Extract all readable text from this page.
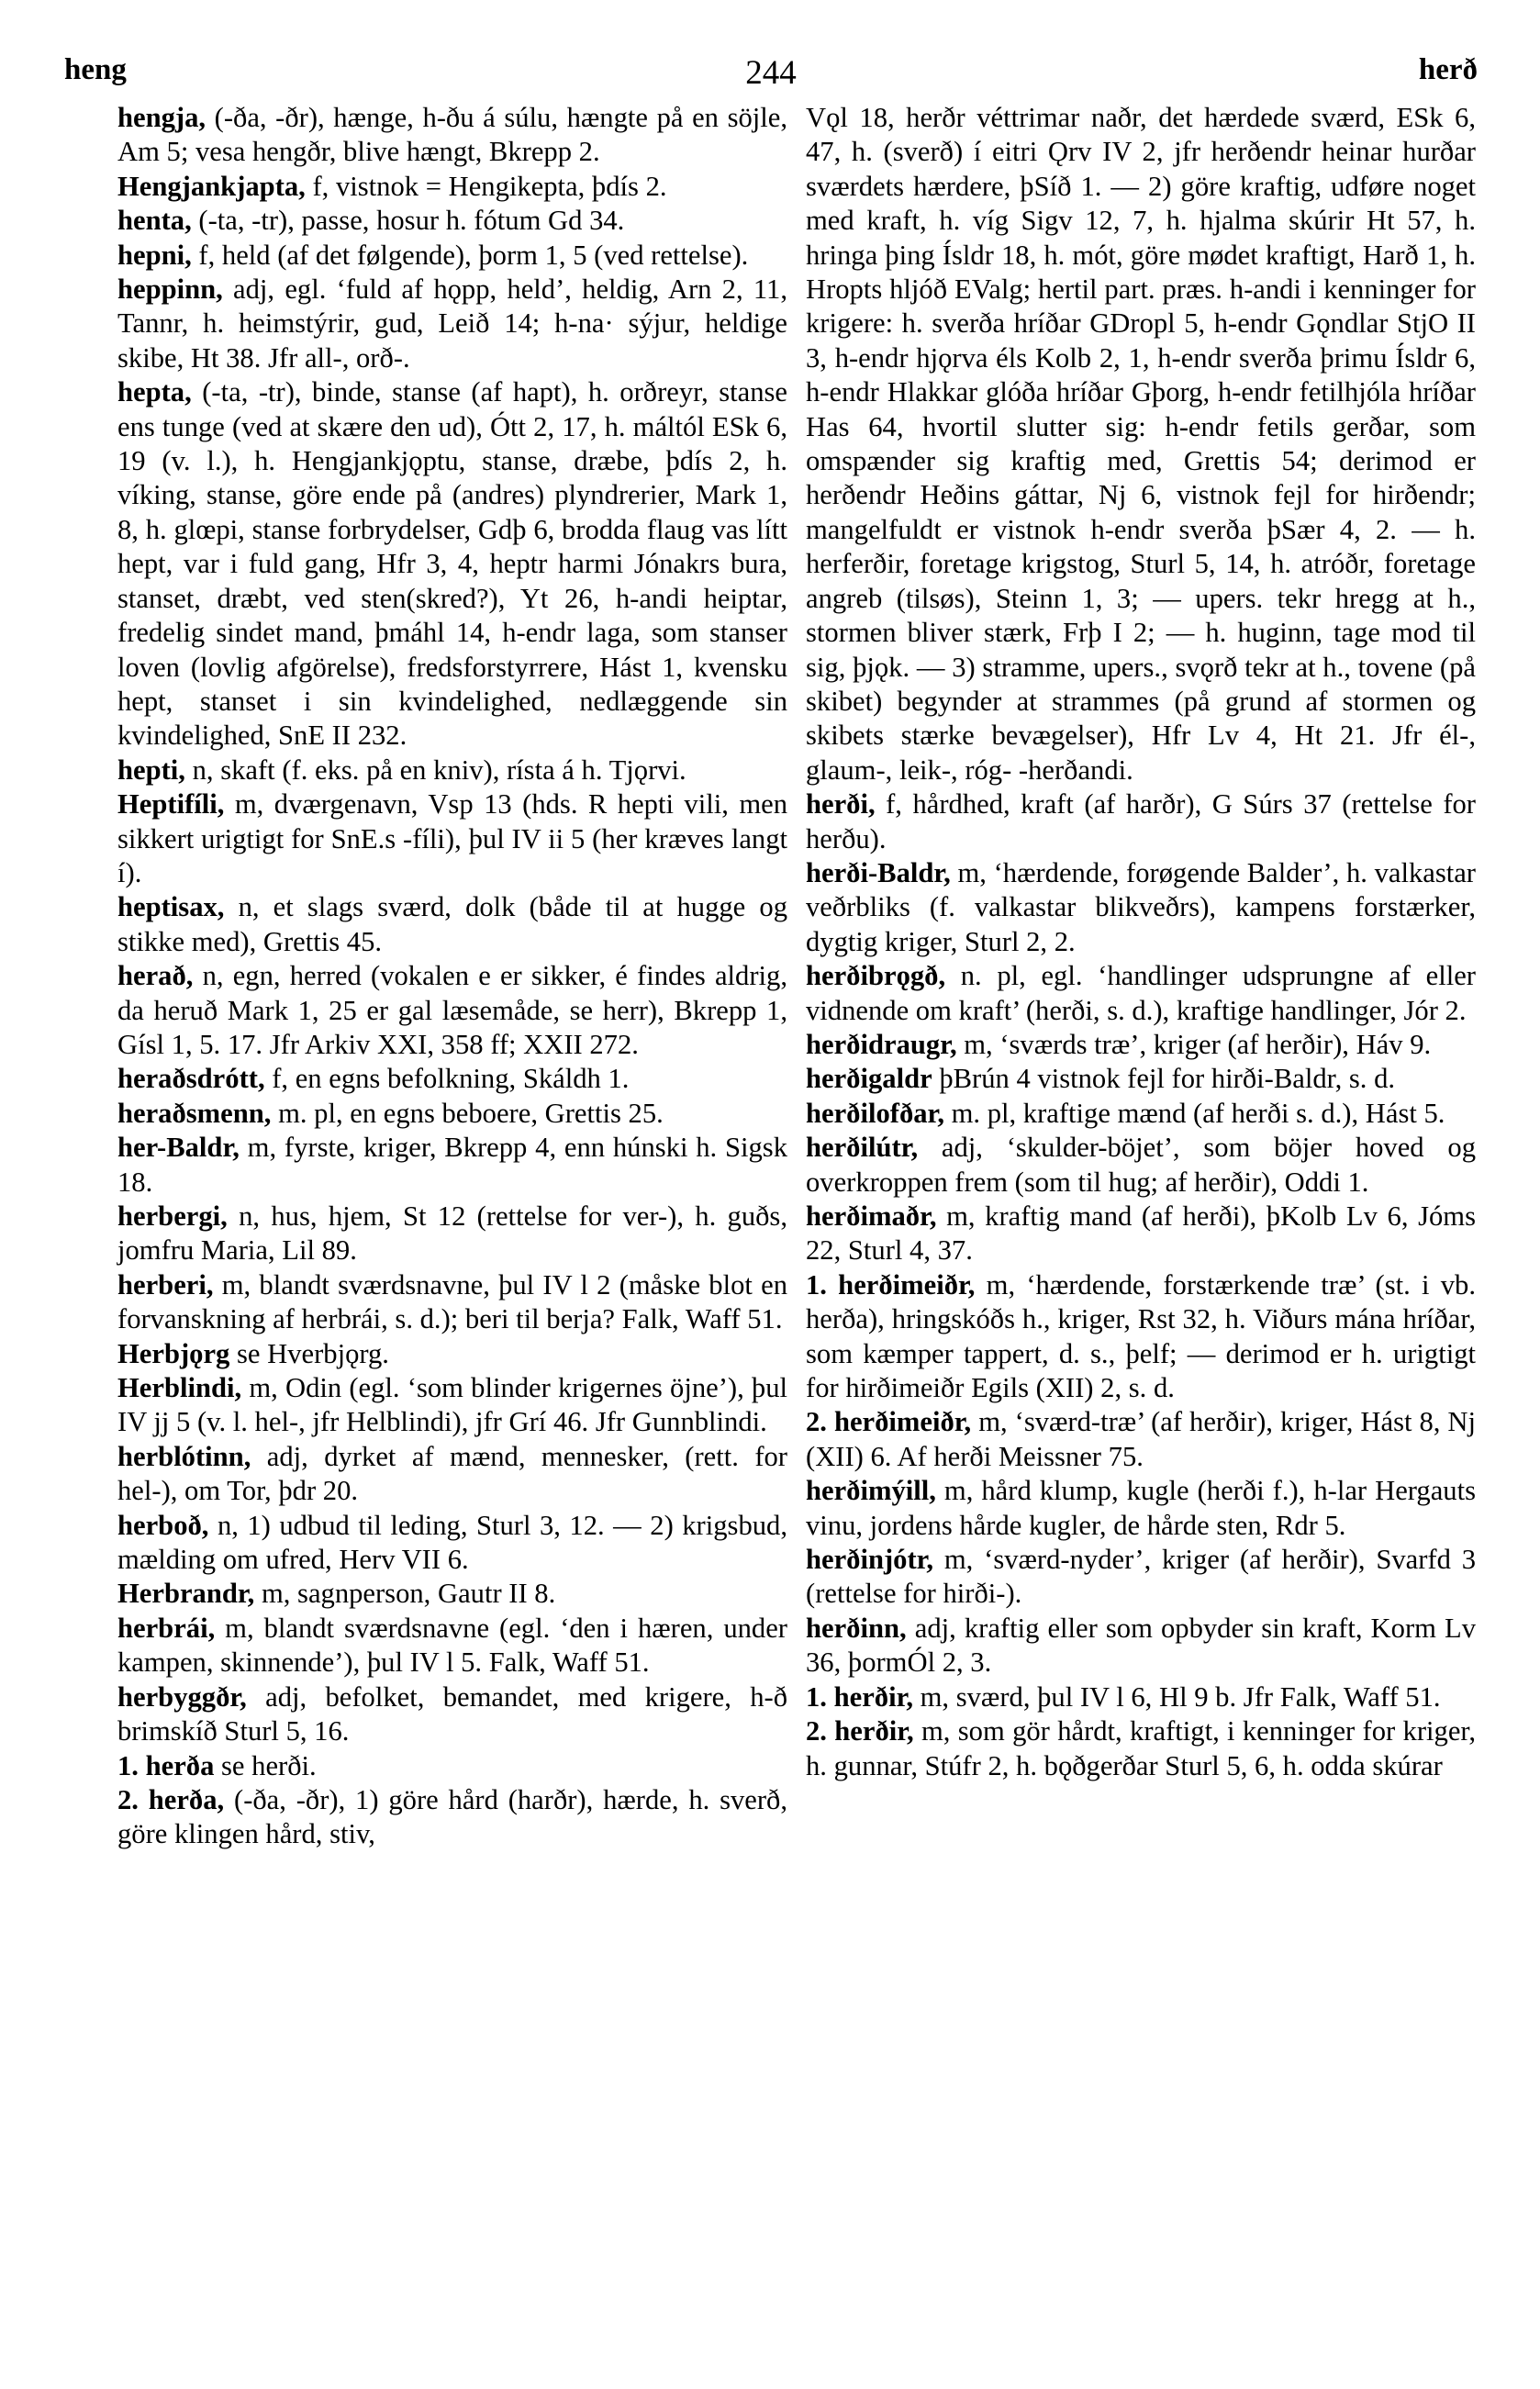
heng	244	herð

hengja, (-ða, -ðr), hænge, h-ðu á súlu, hængte på en söjle, Am 5; vesa hengðr, blive hængt, Bkrepp 2.

Hengjankjapta, f, vistnok = Hengikepta, þdís 2.

henta, (-ta, -tr), passe, hosur h. fótum Gd 34.

hepni, f, held (af det følgende), þorm 1, 5 (ved rettelse).

heppinn, adj, egl. ‘fuld af hǫpp, held’, heldig, Arn 2, 11, Tannr, h. heimstýrir, gud, Leið 14; h-na· sýjur, heldige skibe, Ht 38. Jfr all-, orð-.

hepta, (-ta, -tr), binde, stanse (af hapt), h. orðreyr, stanse ens tunge (ved at skære den ud), Ótt 2, 17, h. máltól ESk 6, 19 (v. l.), h. Hengjankjǫptu, stanse, dræbe, þdís 2, h. víking, stanse, göre ende på (andres) plyndrerier, Mark 1, 8, h. glœpi, stanse forbrydelser, Gdþ 6, brodda flaug vas lítt hept, var i fuld gang, Hfr 3, 4, heptr harmi Jónakrs bura, stanset, dræbt, ved sten(skred?), Yt 26, h-andi heiptar, fredelig sindet mand, þmáhl 14, h-endr laga, som stanser loven (lovlig afgörelse), fredsforstyrrere, Hást 1, kvensku hept, stanset i sin kvindelighed, nedlæggende sin kvindelighed, SnE II 232.

hepti, n, skaft (f. eks. på en kniv), rísta á h. Tjǫrvi.

Heptifíli, m, dværgenavn, Vsp 13 (hds. R hepti vili, men sikkert urigtigt for SnE.s -fíli), þul IV ii 5 (her kræves langt í).

heptisax, n, et slags sværd, dolk (både til at hugge og stikke med), Grettis 45.

herað, n, egn, herred (vokalen e er sikker, é findes aldrig, da heruð Mark 1, 25 er gal læsemåde, se herr), Bkrepp 1, Gísl 1, 5. 17. Jfr Arkiv XXI, 358 ff; XXII 272.

heraðsdrótt, f, en egns befolkning, Skáldh 1.

heraðsmenn, m. pl, en egns beboere, Grettis 25.

her-Baldr, m, fyrste, kriger, Bkrepp 4, enn húnski h. Sigsk 18.

herbergi, n, hus, hjem, St 12 (rettelse for ver-), h. guðs, jomfru Maria, Lil 89.

herberi, m, blandt sværdsnavne, þul IV l 2 (måske blot en forvanskning af herbrái, s. d.); beri til berja? Falk, Waff 51.

Herbjǫrg se Hverbjǫrg.

Herblindi, m, Odin (egl. ‘som blinder krigernes öjne’), þul IV jj 5 (v. l. hel-, jfr Helblindi), jfr Grí 46. Jfr Gunnblindi.

herblótinn, adj, dyrket af mænd, mennesker, (rett. for hel-), om Tor, þdr 20.

herboð, n, 1) udbud til leding, Sturl 3, 12. — 2) krigsbud, mælding om ufred, Herv VII 6.

Herbrandr, m, sagnperson, Gautr II 8.

herbrái, m, blandt sværdsnavne (egl. ‘den i hæren, under kampen, skinnende’), þul IV l 5. Falk, Waff 51.

herbyggðr, adj, befolket, bemandet, med krigere, h-ð brimskíð Sturl 5, 16.

1. herða se herði.

2. herða, (-ða, -ðr), 1) göre hård (harðr), hærde, h. sverð, göre klingen hård, stiv,

Vǫl 18, herðr véttrimar naðr, det hærdede sværd, ESk 6, 47, h. (sverð) í eitri Ǫrv IV 2, jfr herðendr heinar hurðar sværdets hærdere, þSíð 1. — 2) göre kraftig, udføre noget med kraft, h. víg Sigv 12, 7, h. hjalma skúrir Ht 57, h. hringa þing Ísldr 18, h. mót, göre mødet kraftigt, Harð 1, h. Hropts hljóð EValg; hertil part. præs. h-andi i kenninger for krigere: h. sverða hríðar GDropl 5, h-endr Gǫndlar StjO II 3, h-endr hjǫrva éls Kolb 2, 1, h-endr sverða þrimu Ísldr 6, h-endr Hlakkar glóða hríðar Gþorg, h-endr fetilhjóla hríðar Has 64, hvortil slutter sig: h-endr fetils gerðar, som omspænder sig kraftig med, Grettis 54; derimod er herðendr Heðins gáttar, Nj 6, vistnok fejl for hirðendr; mangelfuldt er vistnok h-endr sverða þSær 4, 2. — h. herferðir, foretage krigstog, Sturl 5, 14, h. atróðr, foretage angreb (tilsøs), Steinn 1, 3; — upers. tekr hregg at h., stormen bliver stærk, Frþ I 2; — h. huginn, tage mod til sig, þjǫk. — 3) stramme, upers., svǫrð tekr at h., tovene (på skibet) begynder at strammes (på grund af stormen og skibets stærke bevægelser), Hfr Lv 4, Ht 21. Jfr él-, glaum-, leik-, róg- -herðandi.

herði, f, hårdhed, kraft (af harðr), G Súrs 37 (rettelse for herðu).

herði-Baldr, m, ‘hærdende, forøgende Balder’, h. valkastar veðrbliks (f. valkastar blikveðrs), kampens forstærker, dygtig kriger, Sturl 2, 2.

herðibrǫgð, n. pl, egl. ‘handlinger udsprungne af eller vidnende om kraft’ (herði, s. d.), kraftige handlinger, Jór 2.

herðidraugr, m, ‘sværds træ’, kriger (af herðir), Háv 9.

herðigaldr þBrún 4 vistnok fejl for hirði-Baldr, s. d.

herðilofðar, m. pl, kraftige mænd (af herði s. d.), Hást 5.

herðilútr, adj, ‘skulder-böjet’, som böjer hoved og overkroppen frem (som til hug; af herðir), Oddi 1.

herðimaðr, m, kraftig mand (af herði), þKolb Lv 6, Jóms 22, Sturl 4, 37.

1. herðimeiðr, m, ‘hærdende, forstærkende træ’ (st. i vb. herða), hringskóðs h., kriger, Rst 32, h. Viðurs mána hríðar, som kæmper tappert, d. s., þelf; — derimod er h. urigtigt for hirðimeiðr Egils (XII) 2, s. d.

2. herðimeiðr, m, ‘sværd-træ’ (af herðir), kriger, Hást 8, Nj (XII) 6. Af herði Meissner 75.

herðimýill, m, hård klump, kugle (herði f.), h-lar Hergauts vinu, jordens hårde kugler, de hårde sten, Rdr 5.

herðinjótr, m, ‘sværd-nyder’, kriger (af herðir), Svarfd 3 (rettelse for hirði-).

herðinn, adj, kraftig eller som opbyder sin kraft, Korm Lv 36, þormÓl 2, 3.

1. herðir, m, sværd, þul IV l 6, Hl 9 b. Jfr Falk, Waff 51.

2. herðir, m, som gör hårdt, kraftigt, i kenninger for kriger, h. gunnar, Stúfr 2, h. bǫðgerðar Sturl 5, 6, h. odda skúrar
